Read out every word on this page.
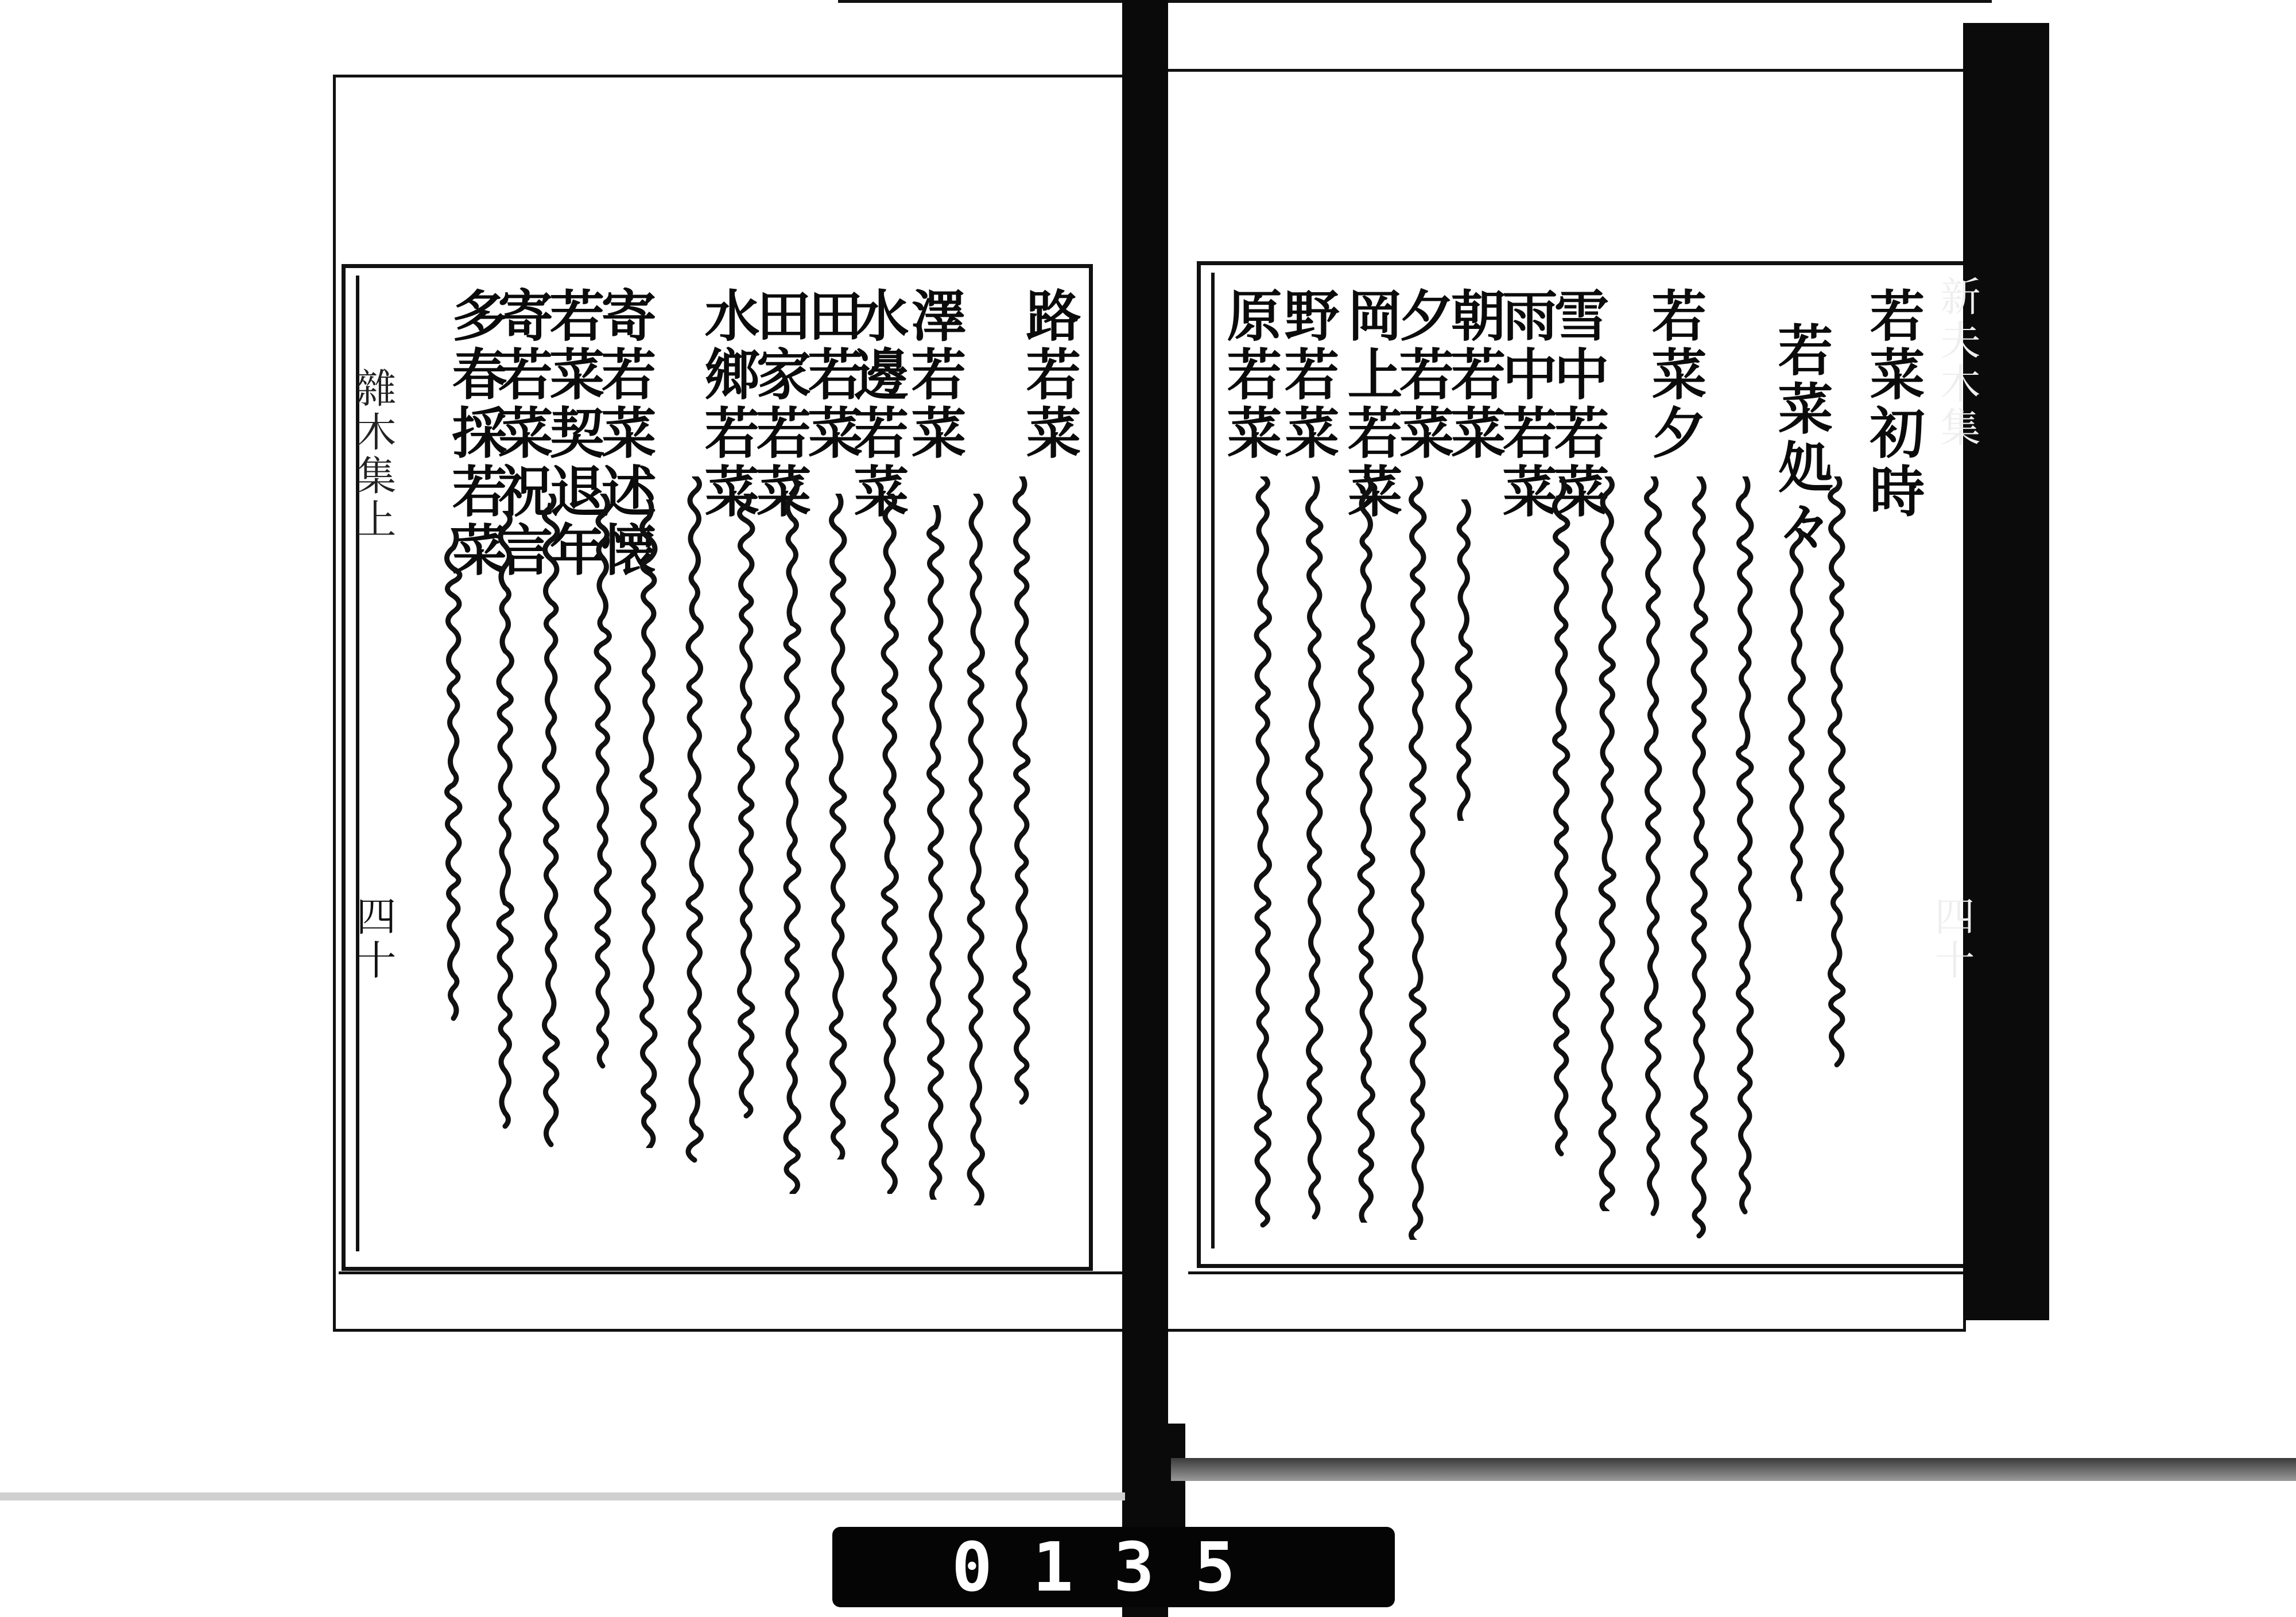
雜木集上
四十
新夫木集
四十
若菜初時
若菜処々
若菜夕
雪中若菜
雨中若菜
朝若菜
夕若菜
岡上若菜
野若菜
原若菜
路若菜
澤若菜
水邊若菜
田若菜
田家若菜
水鄉若菜
寄若菜述懐
若菜契退年
寄若菜祝言
多春採若菜
0135
